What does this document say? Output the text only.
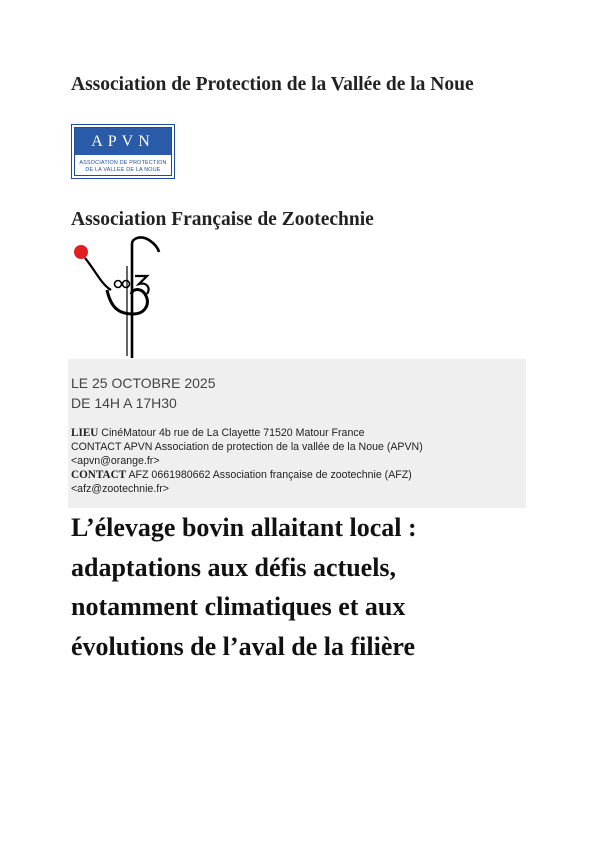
Association de Protection de la Vallée de la Noue
APVN
ASSOCIATION DE PROTECTION
DE LA VALLEE DE LA NOUE
Association Française de Zootechnie
LE 25 OCTOBRE 2025
DE 14H A 17H30
LIEU CinéMatour 4b rue de La Clayette 71520 Matour France
CONTACT APVN Association de protection de la vallée de la Noue (APVN)
<apvn@orange.fr>
CONTACT AFZ 0661980662 Association française de zootechnie (AFZ)
<afz@zootechnie.fr>
L’élevage bovin allaitant local :
adaptations aux défis actuels,
notamment climatiques et aux
évolutions de l’aval de la filière
